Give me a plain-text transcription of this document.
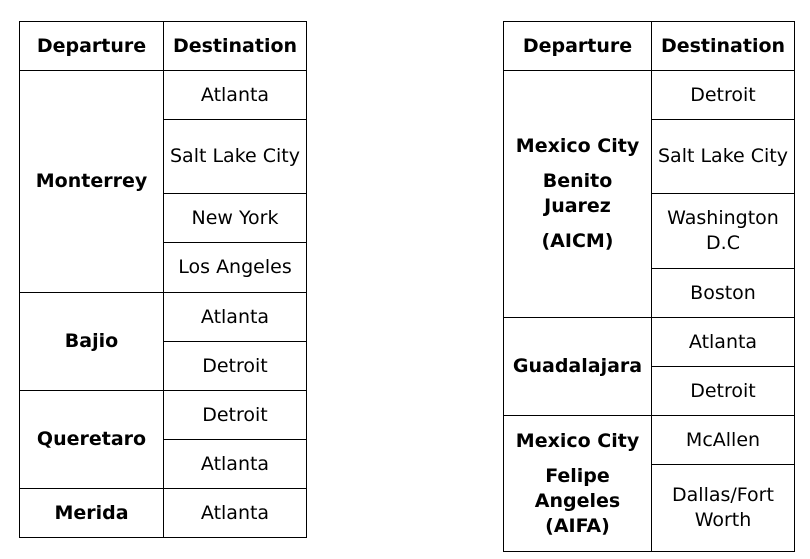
Departure	Destination
Monterrey	Atlanta
	Salt Lake City
	New York
	Los Angeles
Bajio	Atlanta
	Detroit
Queretaro	Detroit
	Atlanta
Merida	Atlanta
Departure	Destination

Mexico City
Benito Juarez
(AICM)	Detroit
	Salt Lake City
	Washington D.C
	Boston

Guadalajara	Atlanta
	Detroit

Mexico City
Felipe Angeles (AIFA)	McAllen
	Dallas/Fort Worth
